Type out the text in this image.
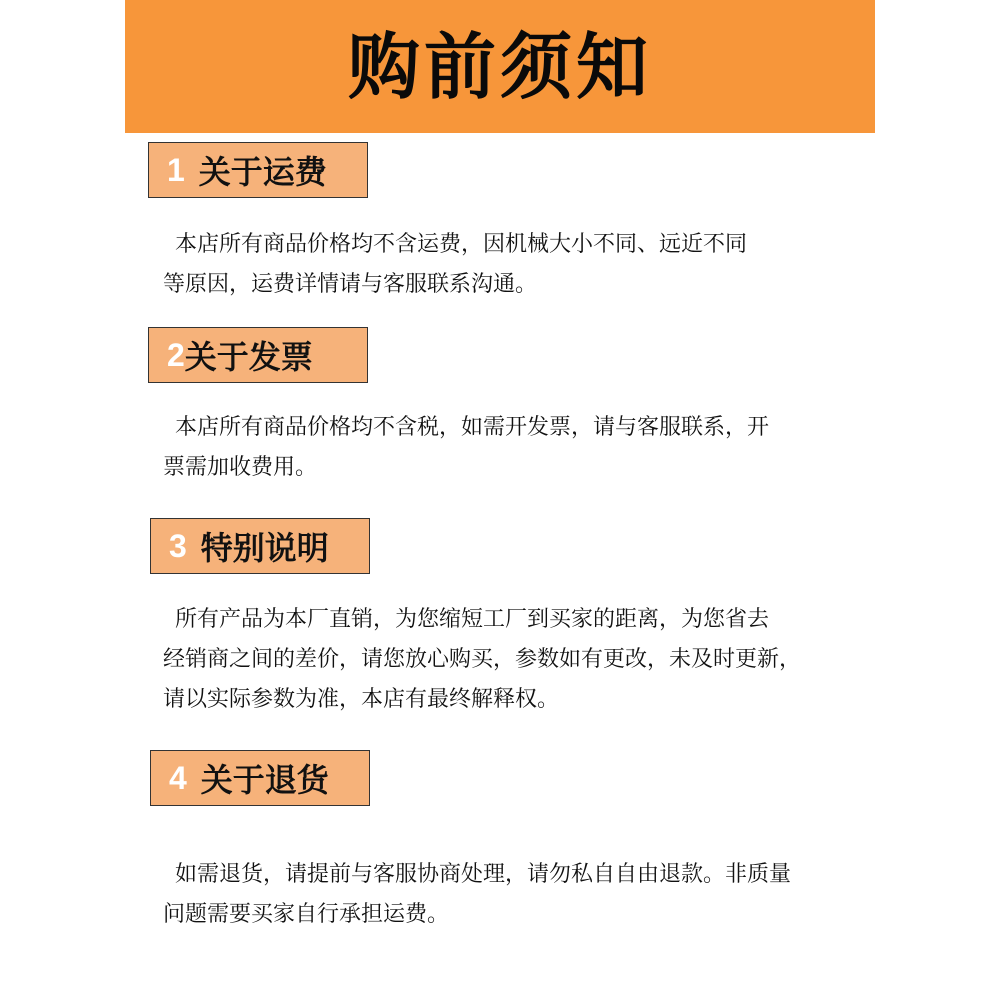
购前须知
1 关于运费

本店所有商品价格均不含运费，因机械大小不同、远近不同

等原因，运费详情请与客服联系沟通。

2 关于发票

本店所有商品价格均不含税，如需开发票，请与客服联系，开

票需加收费用。

3 特别说明

所有产品为本厂直销，为您缩短工厂到买家的距离，为您省去

经销商之间的差价，请您放心购买，参数如有更改，未及时更新，

请以实际参数为准，本店有最终解释权。

4 关于退货

如需退货，请提前与客服协商处理，请勿私自自由退款。非质量

问题需要买家自行承担运费。
